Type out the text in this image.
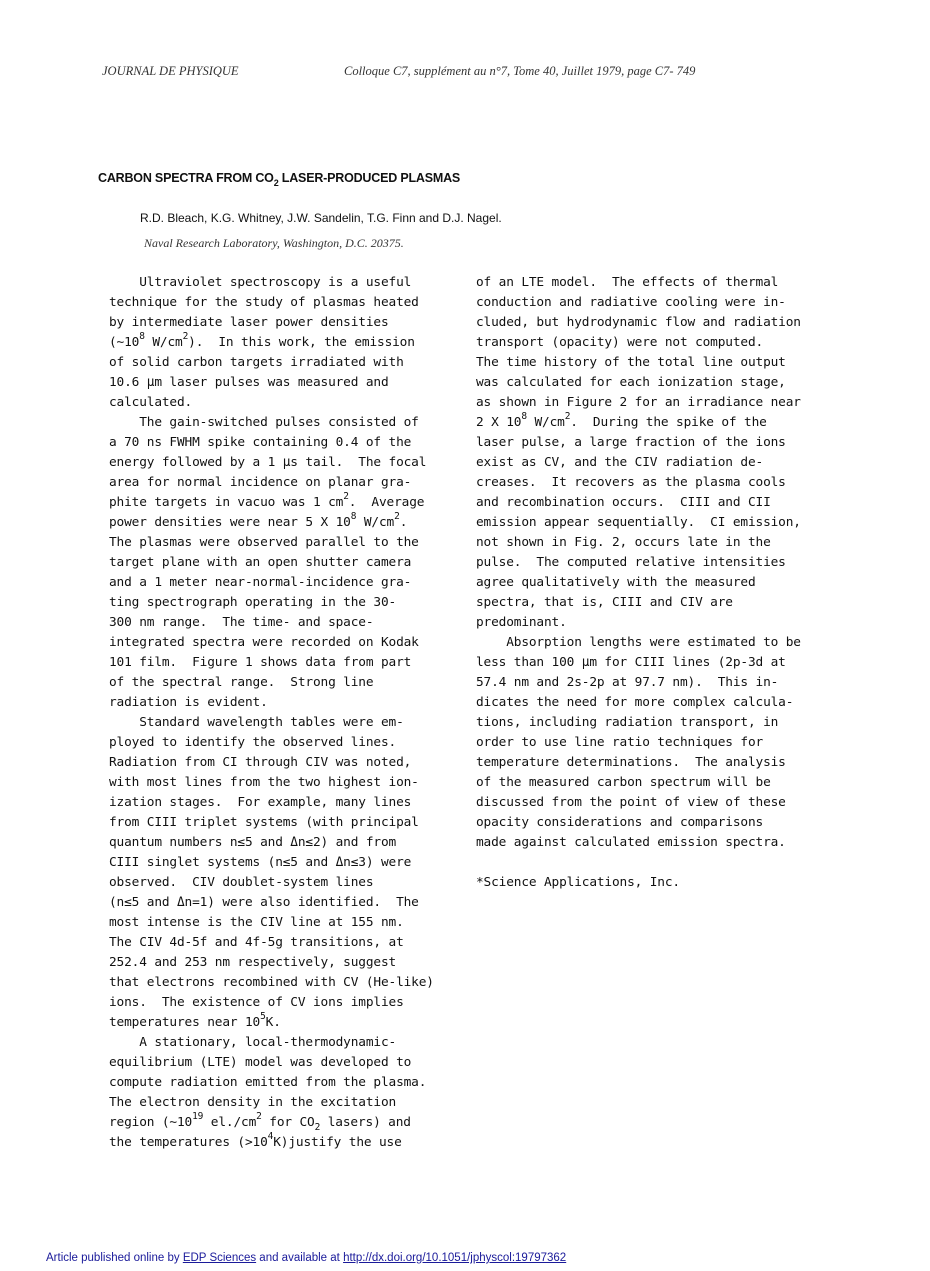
JOURNAL DE PHYSIQUE	Colloque C7, supplément au n°7, Tome 40, Juillet 1979, page C7- 749
CARBON SPECTRA FROM $CO_2$ LASER-PRODUCED PLASMAS
R.D. Bleach, K.G. Whitney, J.W. Sandelin, T.G. Finn and D.J. Nagel.
Naval Research Laboratory, Washington, D.C. 20375.
Ultraviolet spectroscopy is a useful
technique for the study of plasmas heated
by intermediate laser power densities
($\sim 10^8$ $W/cm^2$).  In this work, the emission
of solid carbon targets irradiated with
10.6 μm laser pulses was measured and
calculated.
The gain-switched pulses consisted of
a 70 ns FWHM spike containing 0.4 of the
energy followed by a 1 μs tail.  The focal
area for normal incidence on planar gra-
phite targets in vacuo was 1 $cm^2$.  Average
power densities were near 5 X $10^8$ $W/cm^2$.
The plasmas were observed parallel to the
target plane with an open shutter camera
and a 1 meter near-normal-incidence gra-
ting spectrograph operating in the 30-
300 nm range.  The time- and space-
integrated spectra were recorded on Kodak
101 film.  Figure 1 shows data from part
of the spectral range.  Strong line
radiation is evident.
Standard wavelength tables were em-
ployed to identify the observed lines.
Radiation from CI through CIV was noted,
with most lines from the two highest ion-
ization stages.  For example, many lines
from CIII triplet systems (with principal
quantum numbers n≤5 and Δn≤2) and from
CIII singlet systems (n≤5 and Δn≤3) were
observed.  CIV doublet-system lines
(n≤5 and Δn=1) were also identified.  The
most intense is the CIV line at 155 nm.
The CIV 4d-5f and 4f-5g transitions, at
252.4 and 253 nm respectively, suggest
that electrons recombined with CV (He-like)
ions.  The existence of CV ions implies
temperatures near $10^5K$.
A stationary, local-thermodynamic-
equilibrium (LTE) model was developed to
compute radiation emitted from the plasma.
The electron density in the excitation
region ($\sim 10^{19}$ $el./cm^2$ for $CO_2$ lasers) and
the temperatures $(>10^4K)justify$ the use
of an LTE model.  The effects of thermal
conduction and radiative cooling were in-
cluded, but hydrodynamic flow and radiation
transport (opacity) were not computed.
The time history of the total line output
was calculated for each ionization stage,
as shown in Figure 2 for an irradiance near
2 X $10^8$ $W/cm^2$.  During the spike of the
laser pulse, a large fraction of the ions
exist as CV, and the CIV radiation de-
creases.  It recovers as the plasma cools
and recombination occurs.  CIII and CII
emission appear sequentially.  CI emission,
not shown in Fig. 2, occurs late in the
pulse.  The computed relative intensities
agree qualitatively with the measured
spectra, that is, CIII and CIV are
predominant.
Absorption lengths were estimated to be
less than 100 μm for CIII lines (2p-3d at
57.4 nm and 2s-2p at 97.7 nm).  This in-
dicates the need for more complex calcula-
tions, including radiation transport, in
order to use line ratio techniques for
temperature determinations.  The analysis
of the measured carbon spectrum will be
discussed from the point of view of these
opacity considerations and comparisons
made against calculated emission spectra.
*Science Applications, Inc.
Article published online by EDP Sciences and available at http://dx.doi.org/10.1051/jphyscol:19797362
